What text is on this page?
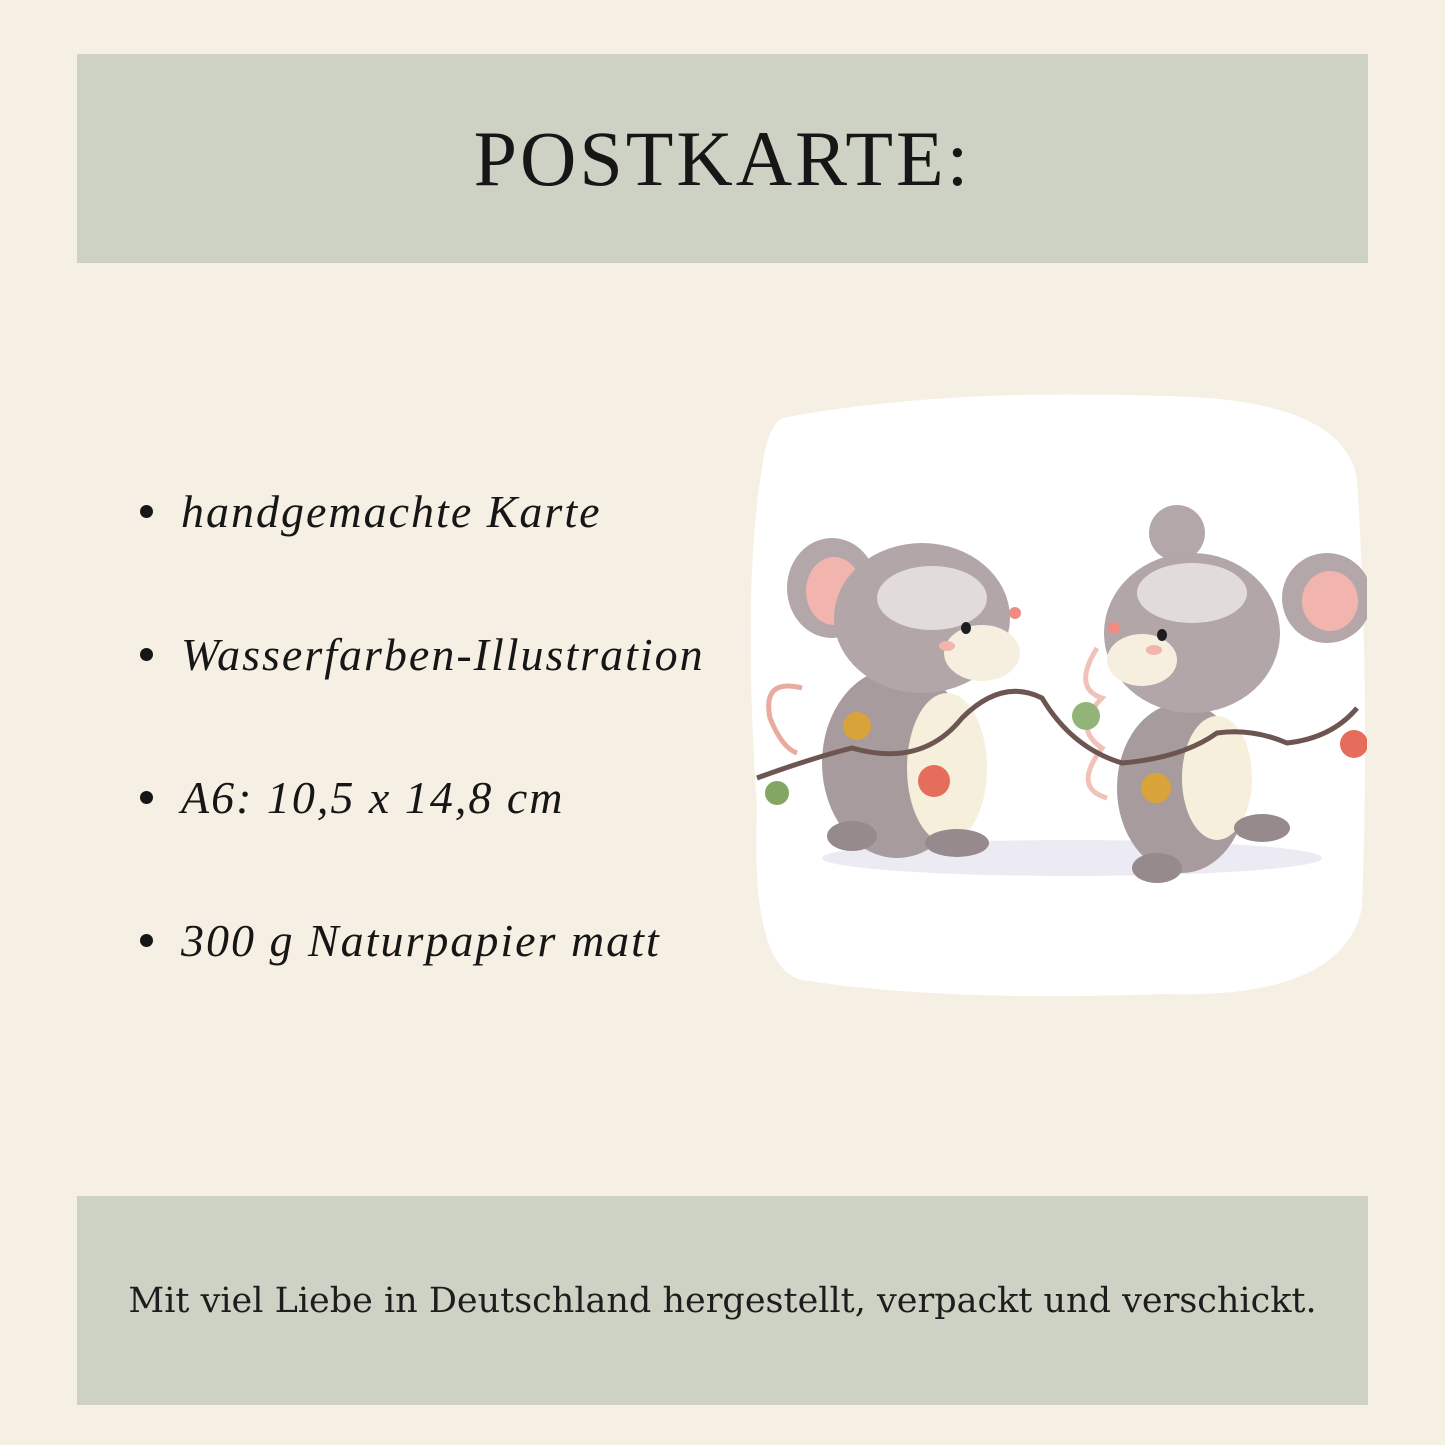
POSTKARTE:
handgemachte Karte
Wasserfarben-Illustration
A6: 10,5 x 14,8 cm
300 g Naturpapier matt

Mit viel Liebe in Deutschland hergestellt, verpackt und verschickt.
